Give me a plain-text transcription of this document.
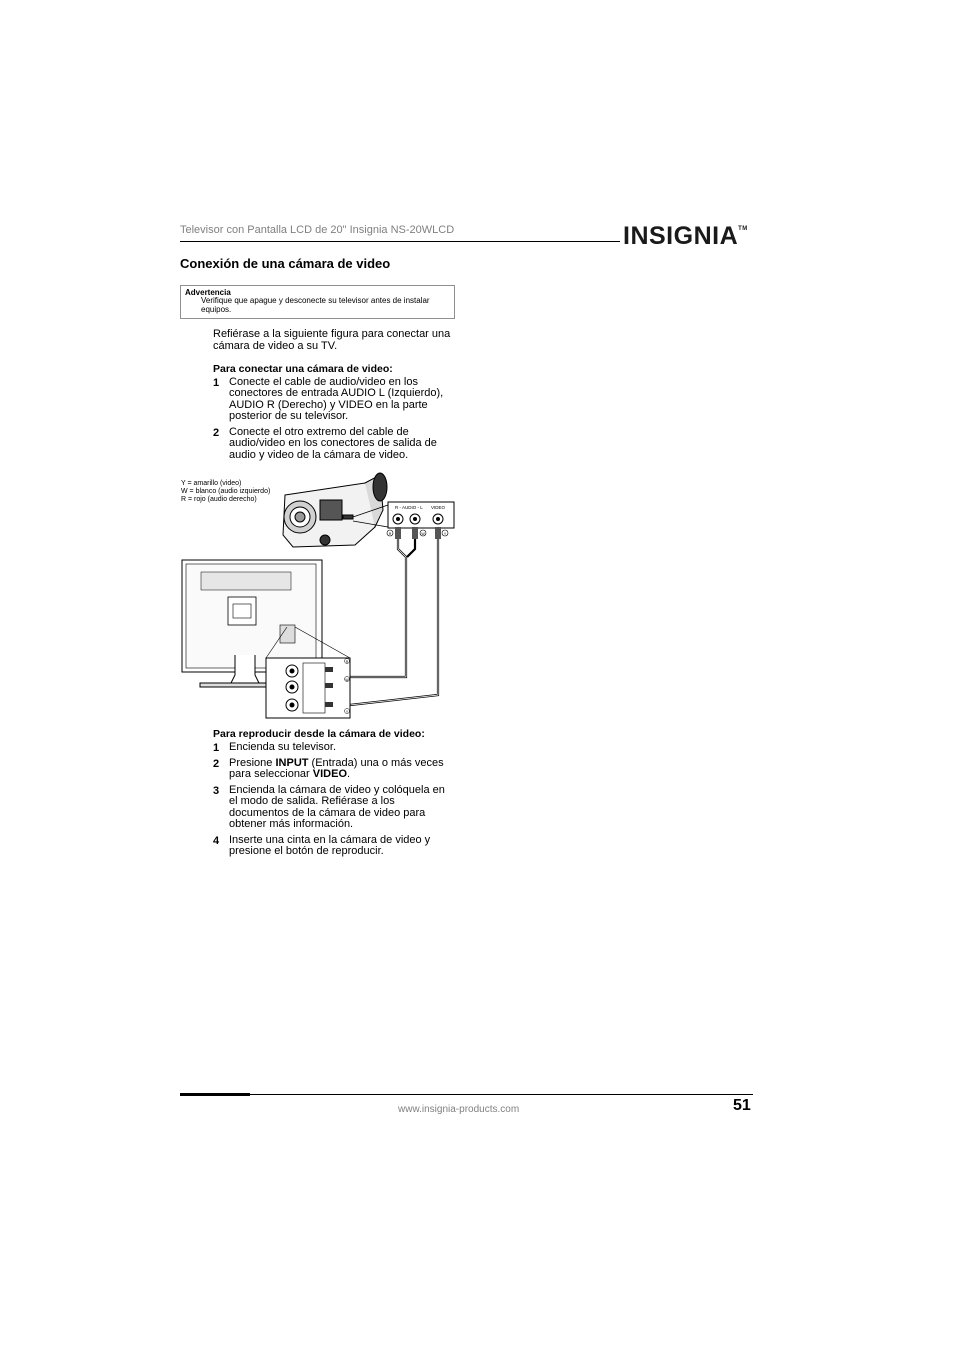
Televisor con Pantalla LCD de 20" Insignia NS-20WLCD	INSIGNIA™
Conexión de una cámara de video
Advertencia
Verifique que apague y desconecte su televisor antes de instalar equipos.
Refiérase a la siguiente figura para conectar una cámara de video a su TV.
Para conectar una cámara de video:
1 Conecte el cable de audio/video en los conectores de entrada AUDIO L (Izquierdo), AUDIO R (Derecho) y VIDEO en la parte posterior de su televisor.
2 Conecte el otro extremo del cable de audio/video en los conectores de salida de audio y video de la cámara de video.
Y = amarillo (video)
W = blanco (audio izquierdo)
R = rojo (audio derecho)
R - AUDIO - L VIDEO
R	W	Y
R
W
Y
Para reproducir desde la cámara de video:
1 Encienda su televisor.
2 Presione INPUT (Entrada) una o más veces para seleccionar VIDEO.
3 Encienda la cámara de video y colóquela en el modo de salida. Refiérase a los documentos de la cámara de video para obtener más información.
4 Inserte una cinta en la cámara de video y presione el botón de reproducir.
www.insignia-products.com	51
